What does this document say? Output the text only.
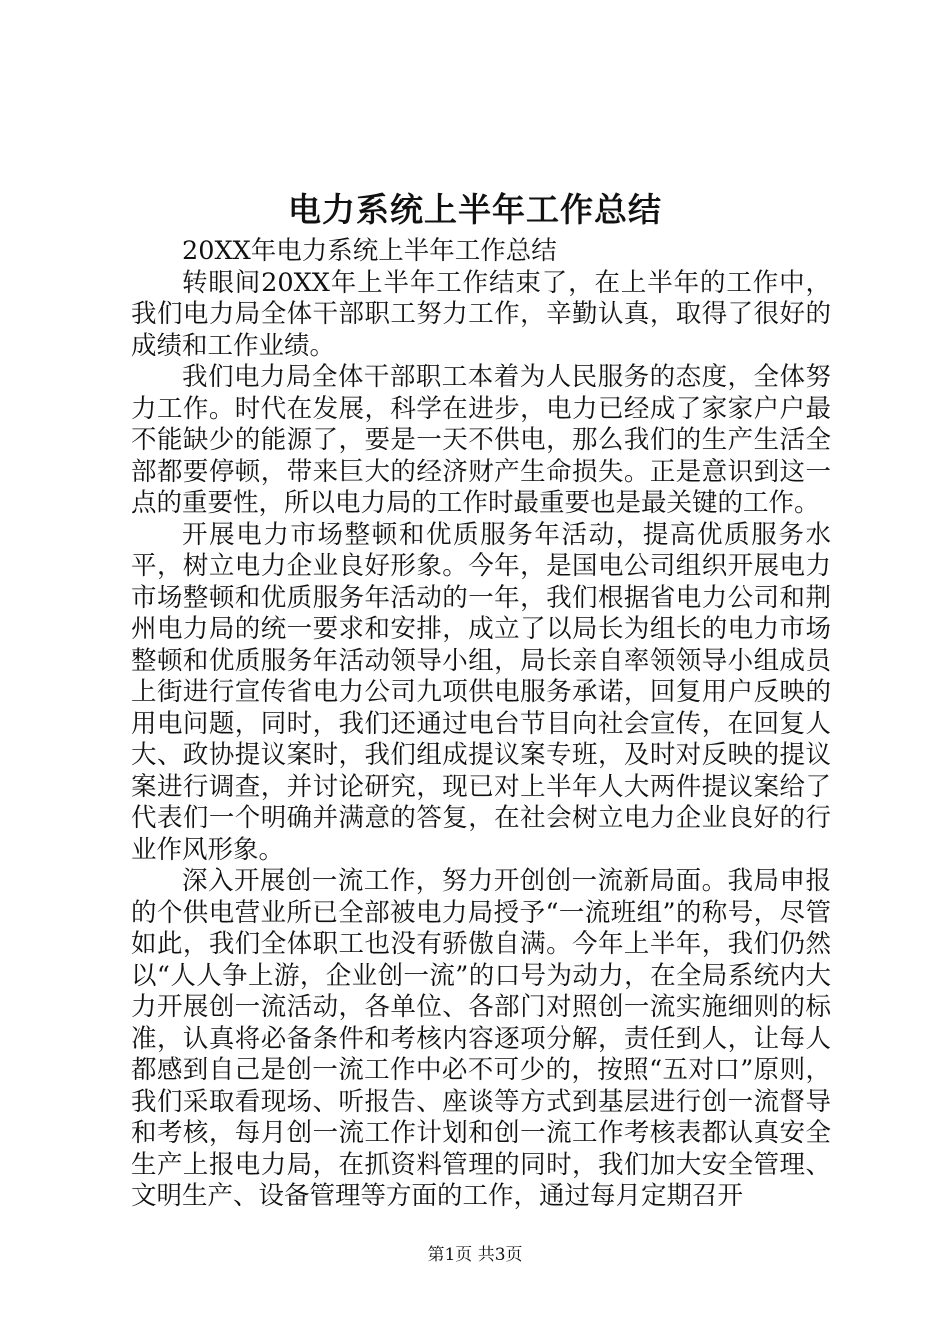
电力系统上半年工作总结

20XX年电力系统上半年工作总结

转眼间20XX年上半年工作结束了，在上半年的工作中，我们电力局全体干部职工努力工作，辛勤认真，取得了很好的成绩和工作业绩。

我们电力局全体干部职工本着为人民服务的态度，全体努力工作。时代在发展，科学在进步，电力已经成了家家户户最不能缺少的能源了，要是一天不供电，那么我们的生产生活全部都要停顿，带来巨大的经济财产生命损失。正是意识到这一点的重要性，所以电力局的工作时最重要也是最关键的工作。

开展电力市场整顿和优质服务年活动，提高优质服务水平，树立电力企业良好形象。今年，是国电公司组织开展电力市场整顿和优质服务年活动的一年，我们根据省电力公司和荆州电力局的统一要求和安排，成立了以局长为组长的电力市场整顿和优质服务年活动领导小组，局长亲自率领领导小组成员上街进行宣传省电力公司九项供电服务承诺，回复用户反映的用电问题，同时，我们还通过电台节目向社会宣传，在回复人大、政协提议案时，我们组成提议案专班，及时对反映的提议案进行调查，并讨论研究，现已对上半年人大两件提议案给了代表们一个明确并满意的答复，在社会树立电力企业良好的行业作风形象。

深入开展创一流工作，努力开创创一流新局面。我局申报的个供电营业所已全部被电力局授予“一流班组”的称号，尽管如此，我们全体职工也没有骄傲自满。今年上半年，我们仍然以“人人争上游，企业创一流”的口号为动力，在全局系统内大力开展创一流活动，各单位、各部门对照创一流实施细则的标准，认真将必备条件和考核内容逐项分解，责任到人，让每人都感到自己是创一流工作中必不可少的，按照“五对口”原则，我们采取看现场、听报告、座谈等方式到基层进行创一流督导和考核，每月创一流工作计划和创一流工作考核表都认真安全生产上报电力局，在抓资料管理的同时，我们加大安全管理、文明生产、设备管理等方面的工作，通过每月定期召开

第1页 共3页
